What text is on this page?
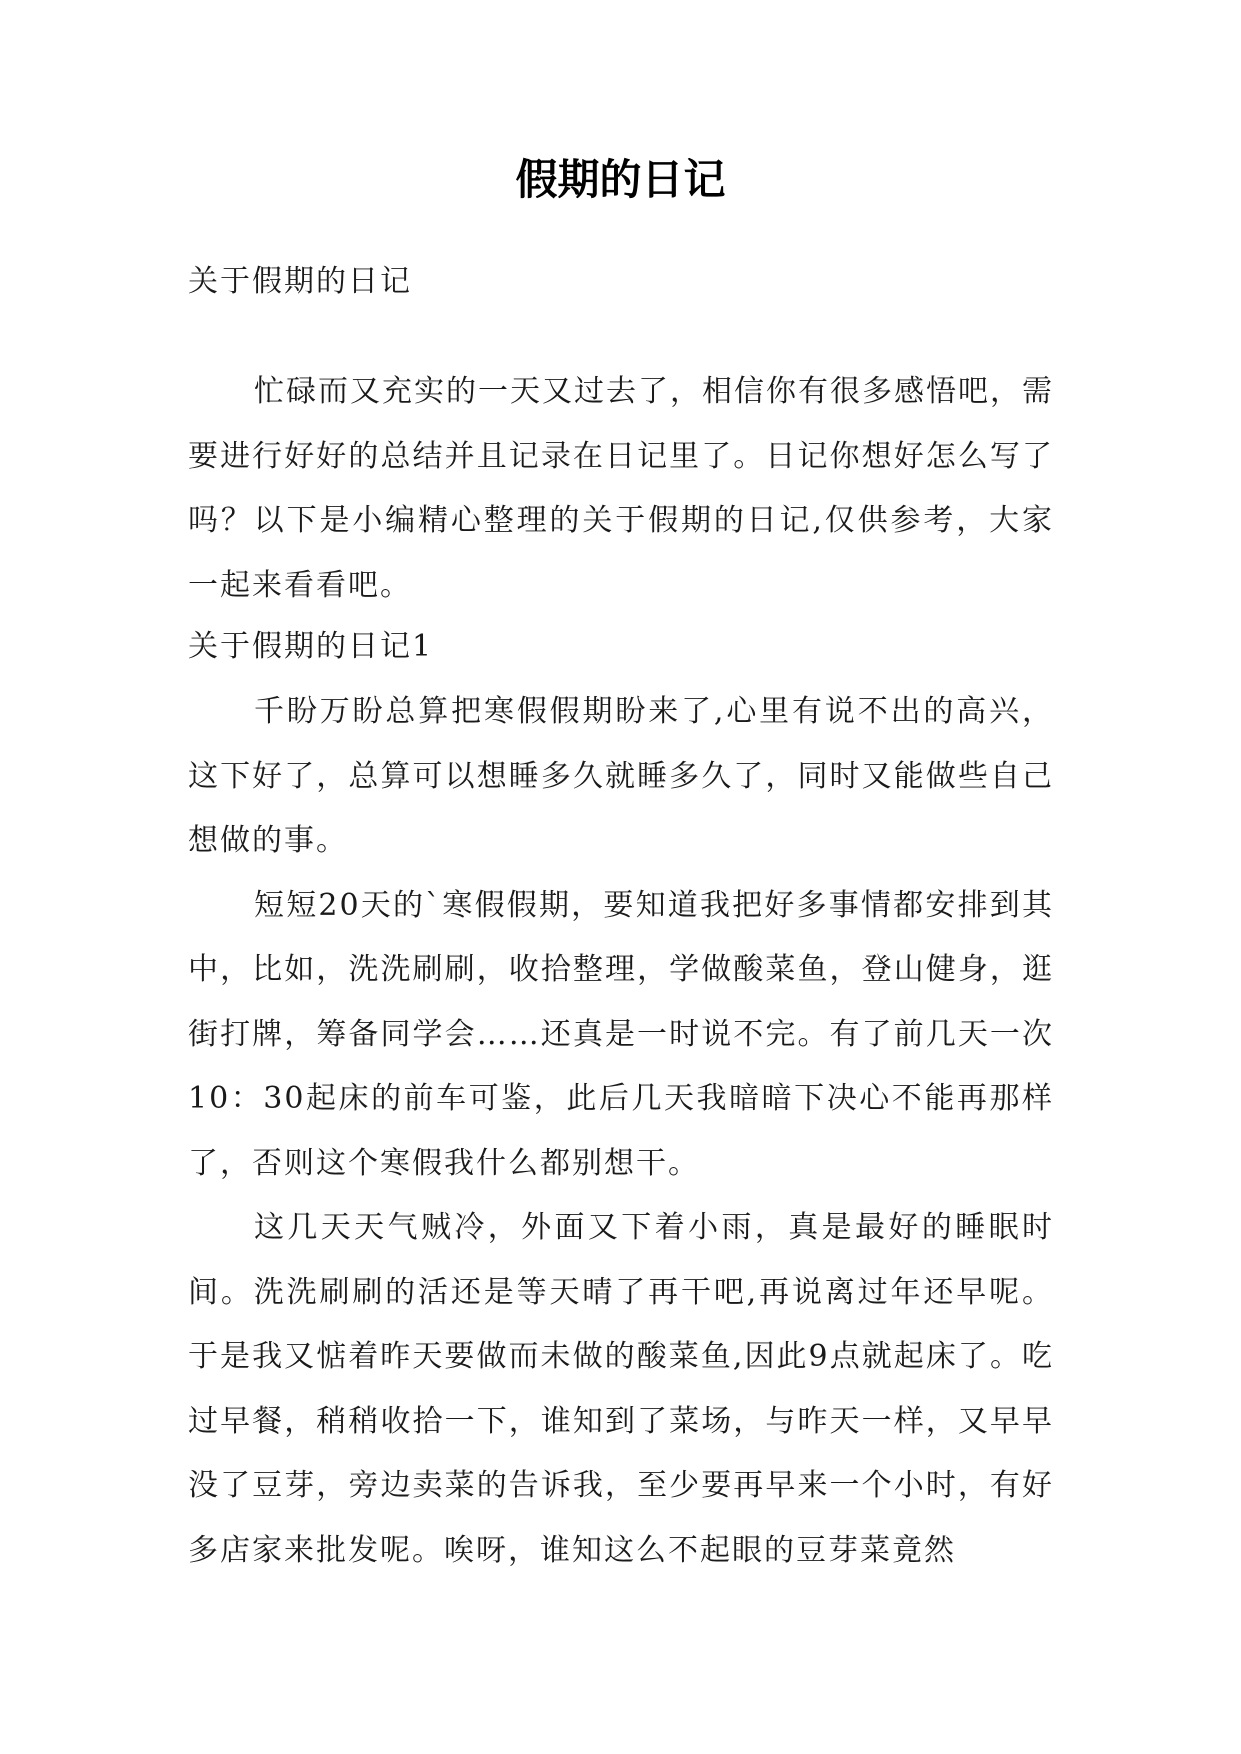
假期的日记

关于假期的日记

忙碌而又充实的一天又过去了，相信你有很多感悟吧，需要进行好好的总结并且记录在日记里了。日记你想好怎么写了吗？以下是小编精心整理的关于假期的日记,仅供参考，大家一起来看看吧。

关于假期的日记1

千盼万盼总算把寒假假期盼来了,心里有说不出的高兴，这下好了，总算可以想睡多久就睡多久了，同时又能做些自己想做的事。

短短20天的`寒假假期，要知道我把好多事情都安排到其中，比如，洗洗刷刷，收拾整理，学做酸菜鱼，登山健身，逛街打牌，筹备同学会……还真是一时说不完。有了前几天一次10：30起床的前车可鉴，此后几天我暗暗下决心不能再那样了，否则这个寒假我什么都别想干。

这几天天气贼冷，外面又下着小雨，真是最好的睡眠时间。洗洗刷刷的活还是等天晴了再干吧,再说离过年还早呢。于是我又惦着昨天要做而未做的酸菜鱼,因此9点就起床了。吃过早餐，稍稍收拾一下，谁知到了菜场，与昨天一样，又早早没了豆芽，旁边卖菜的告诉我，至少要再早来一个小时，有好多店家来批发呢。唉呀，谁知这么不起眼的豆芽菜竟然
